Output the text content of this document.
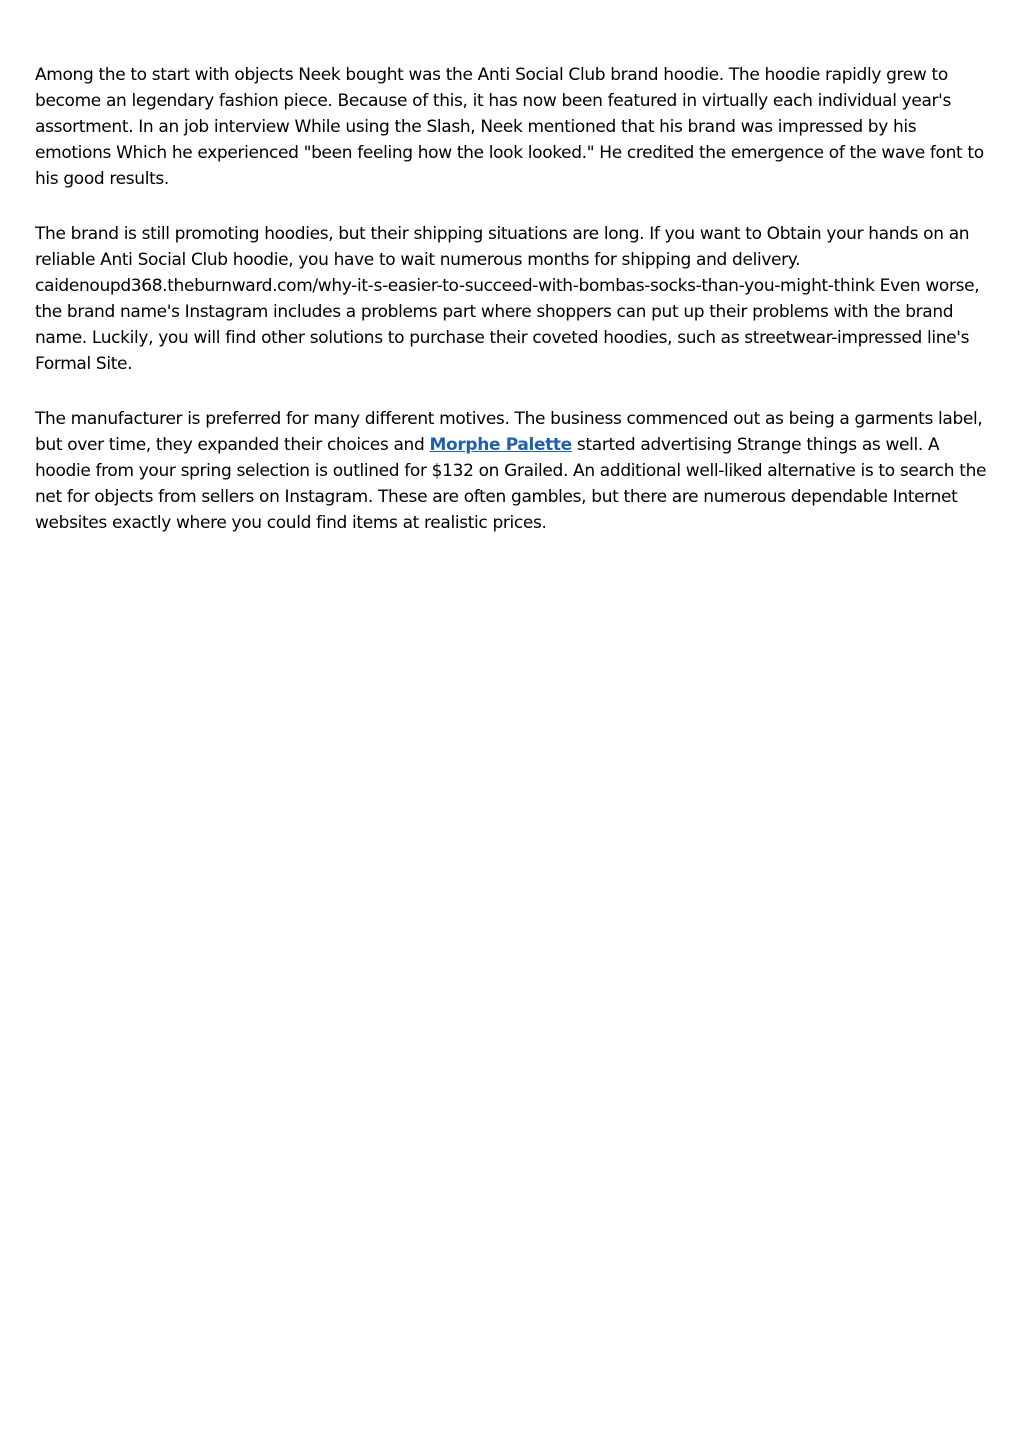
Among the to start with objects Neek bought was the Anti Social Club brand hoodie. The hoodie rapidly grew to become an legendary fashion piece. Because of this, it has now been featured in virtually each individual year's assortment. In an job interview While using the Slash, Neek mentioned that his brand was impressed by his emotions Which he experienced "been feeling how the look looked." He credited the emergence of the wave font to his good results.

The brand is still promoting hoodies, but their shipping situations are long. If you want to Obtain your hands on an reliable Anti Social Club hoodie, you have to wait numerous months for shipping and delivery. caidenoupd368.theburnward.com/why-it-s-easier-to-succeed-with-bombas-socks-than-you-might-think Even worse, the brand name's Instagram includes a problems part where shoppers can put up their problems with the brand name. Luckily, you will find other solutions to purchase their coveted hoodies, such as streetwear-impressed line's Formal Site.

The manufacturer is preferred for many different motives. The business commenced out as being a garments label, but over time, they expanded their choices and Morphe Palette started advertising Strange things as well. A hoodie from your spring selection is outlined for $132 on Grailed. An additional well-liked alternative is to search the net for objects from sellers on Instagram. These are often gambles, but there are numerous dependable Internet websites exactly where you could find items at realistic prices.
